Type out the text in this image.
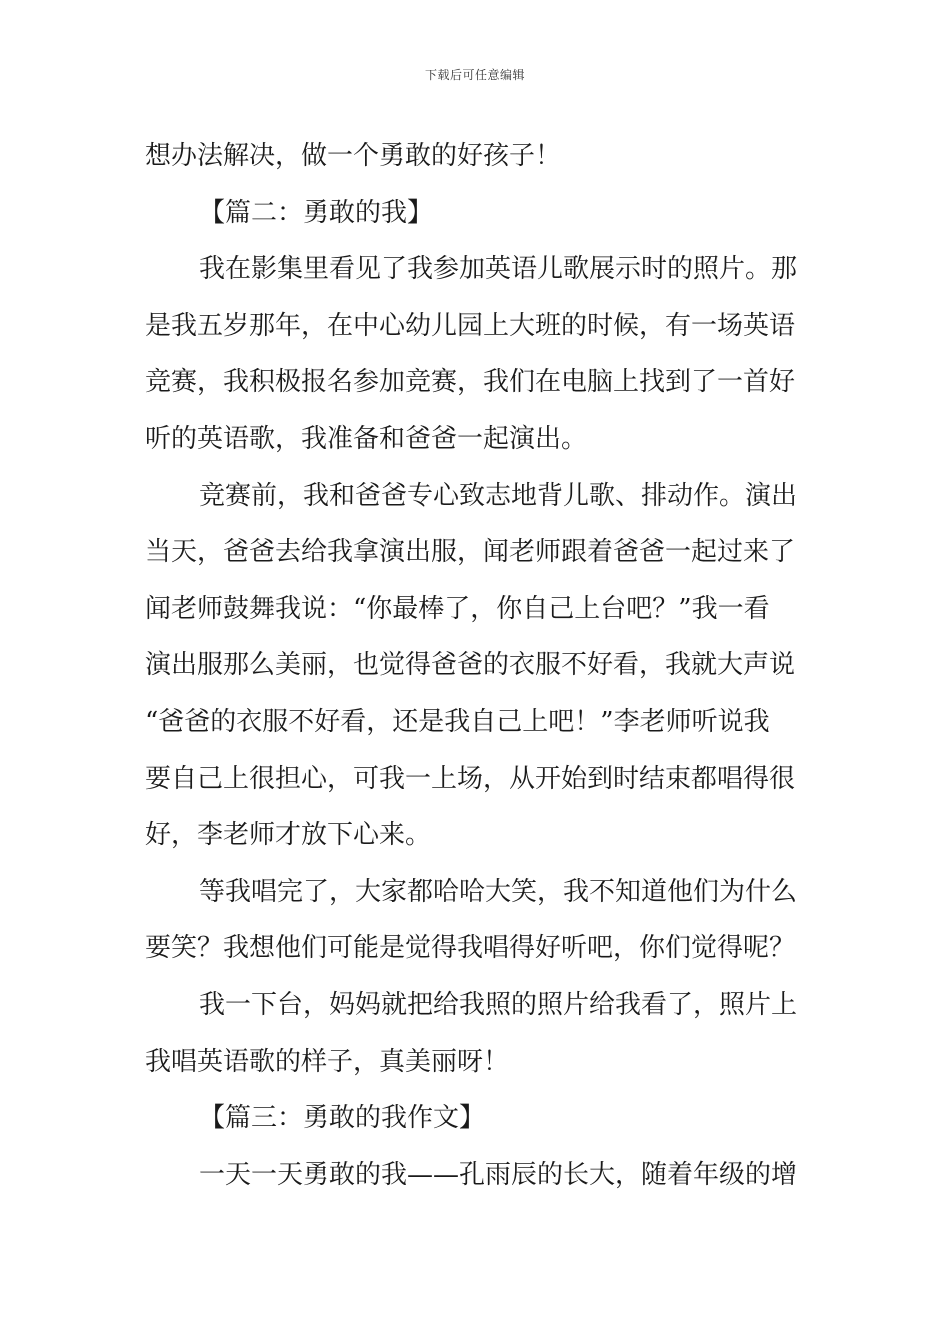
下载后可任意编辑
想办法解决，做一个勇敢的好孩子！
【篇二：勇敢的我】
我在影集里看见了我参加英语儿歌展示时的照片。那
是我五岁那年，在中心幼儿园上大班的时候，有一场英语
竞赛，我积极报名参加竞赛，我们在电脑上找到了一首好
听的英语歌，我准备和爸爸一起演出。
竞赛前，我和爸爸专心致志地背儿歌、排动作。演出
当天，爸爸去给我拿演出服，闻老师跟着爸爸一起过来了
闻老师鼓舞我说：“你最棒了，你自己上台吧？”我一看
演出服那么美丽，也觉得爸爸的衣服不好看，我就大声说
“爸爸的衣服不好看，还是我自己上吧！”李老师听说我
要自己上很担心，可我一上场，从开始到时结束都唱得很
好，李老师才放下心来。
等我唱完了，大家都哈哈大笑，我不知道他们为什么
要笑？我想他们可能是觉得我唱得好听吧，你们觉得呢？
我一下台，妈妈就把给我照的照片给我看了，照片上
我唱英语歌的样子，真美丽呀！
【篇三：勇敢的我作文】
一天一天勇敢的我——孔雨辰的长大，随着年级的增
